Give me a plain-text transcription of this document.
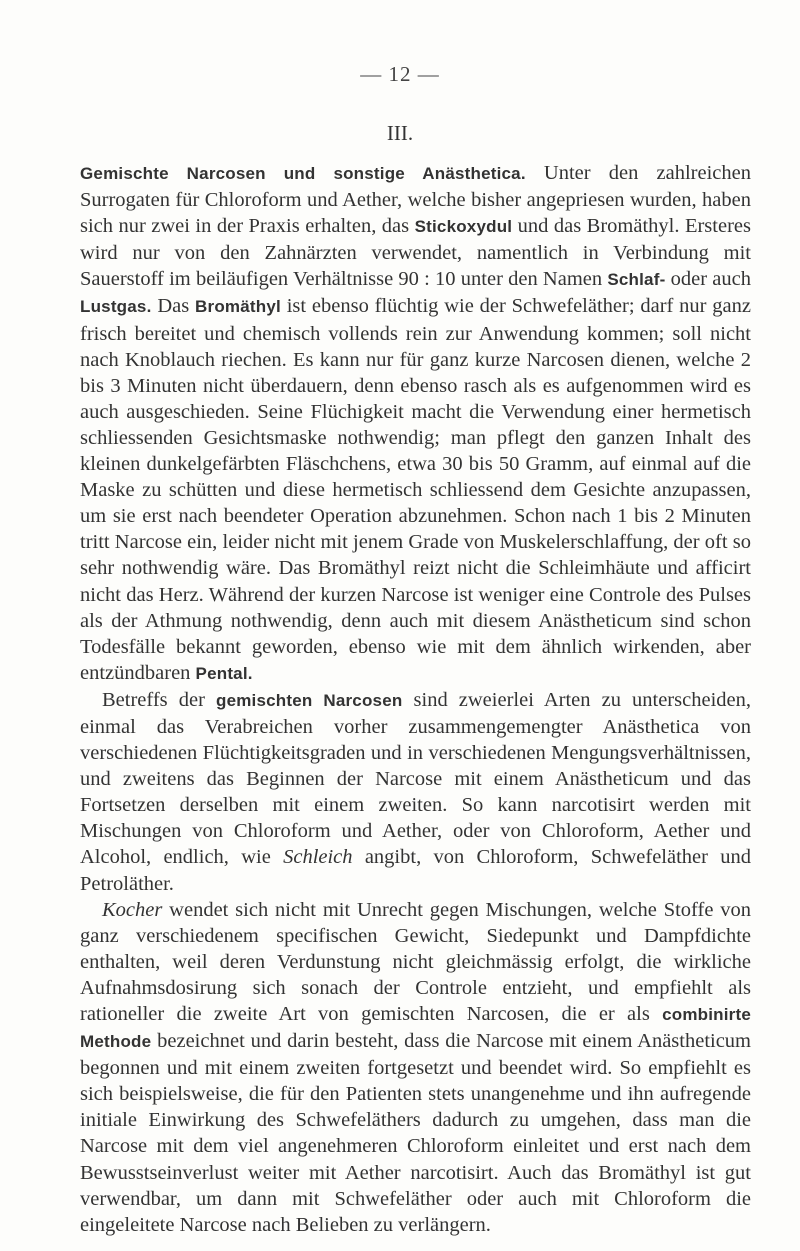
— 12 —
III.

Gemischte Narcosen und sonstige Anästhetica. Unter den zahlreichen Surrogaten für Chloroform und Aether, welche bisher angepriesen wurden, haben sich nur zwei in der Praxis erhalten, das Stickoxydul und das Bromäthyl. Ersteres wird nur von den Zahnärzten verwendet, namentlich in Verbindung mit Sauerstoff im beiläufigen Verhältnisse 90 : 10 unter den Namen Schlaf- oder auch Lustgas. Das Bromäthyl ist ebenso flüchtig wie der Schwefeläther; darf nur ganz frisch bereitet und chemisch vollends rein zur Anwendung kommen; soll nicht nach Knoblauch riechen. Es kann nur für ganz kurze Narcosen dienen, welche 2 bis 3 Minuten nicht überdauern, denn ebenso rasch als es aufgenommen wird es auch ausgeschieden. Seine Flüchigkeit macht die Verwendung einer hermetisch schliessenden Gesichtsmaske nothwendig; man pflegt den ganzen Inhalt des kleinen dunkelgefärbten Fläschchens, etwa 30 bis 50 Gramm, auf einmal auf die Maske zu schütten und diese hermetisch schliessend dem Gesichte anzupassen, um sie erst nach beendeter Operation abzunehmen. Schon nach 1 bis 2 Minuten tritt Narcose ein, leider nicht mit jenem Grade von Muskelerschlaffung, der oft so sehr nothwendig wäre. Das Bromäthyl reizt nicht die Schleimhäute und afficirt nicht das Herz. Während der kurzen Narcose ist weniger eine Controle des Pulses als der Athmung nothwendig, denn auch mit diesem Anästheticum sind schon Todesfälle bekannt geworden, ebenso wie mit dem ähnlich wirkenden, aber entzündbaren Pental.

Betreffs der gemischten Narcosen sind zweierlei Arten zu unterscheiden, einmal das Verabreichen vorher zusammengemengter Anästhetica von verschiedenen Flüchtigkeitsgraden und in verschiedenen Mengungsverhältnissen, und zweitens das Beginnen der Narcose mit einem Anästheticum und das Fortsetzen derselben mit einem zweiten. So kann narcotisirt werden mit Mischungen von Chloroform und Aether, oder von Chloroform, Aether und Alcohol, endlich, wie Schleich angibt, von Chloroform, Schwefeläther und Petroläther.

Kocher wendet sich nicht mit Unrecht gegen Mischungen, welche Stoffe von ganz verschiedenem specifischen Gewicht, Siedepunkt und Dampfdichte enthalten, weil deren Verdunstung nicht gleichmässig erfolgt, die wirkliche Aufnahmsdosirung sich sonach der Controle entzieht, und empfiehlt als rationeller die zweite Art von gemischten Narcosen, die er als combinirte Methode bezeichnet und darin besteht, dass die Narcose mit einem Anästheticum begonnen und mit einem zweiten fortgesetzt und beendet wird. So empfiehlt es sich beispielsweise, die für den Patienten stets unangenehme und ihn aufregende initiale Einwirkung des Schwefeläthers dadurch zu umgehen, dass man die Narcose mit dem viel angenehmeren Chloroform einleitet und erst nach dem Bewusstseinverlust weiter mit Aether narcotisirt. Auch das Bromäthyl ist gut verwendbar, um dann mit Schwefeläther oder auch mit Chloroform die eingeleitete Narcose nach Belieben zu verlängern.
